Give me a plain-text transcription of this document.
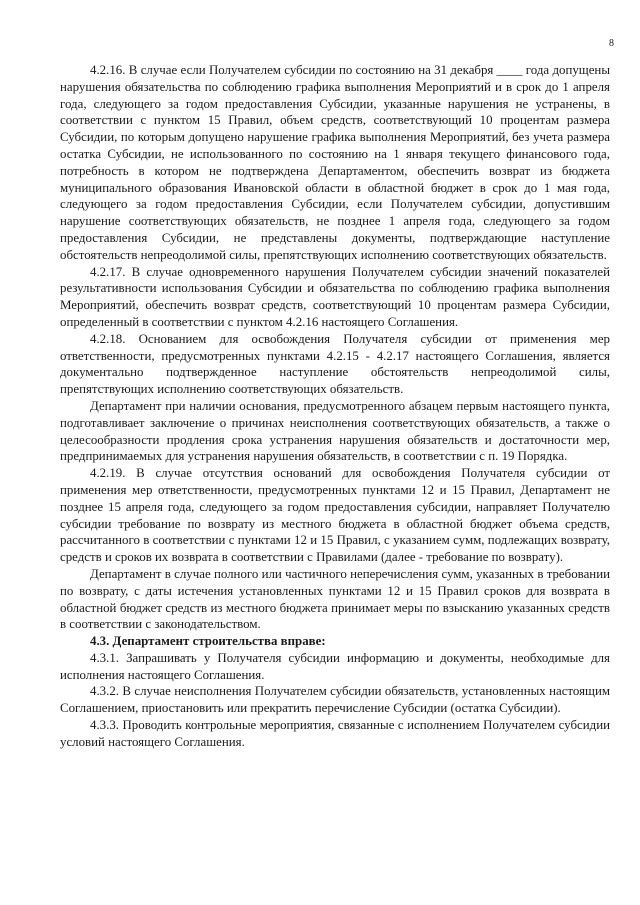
8

4.2.16. В случае если Получателем субсидии по состоянию на 31 декабря ____ года допущены нарушения обязательства по соблюдению графика выполнения Мероприятий и в срок до 1 апреля года, следующего за годом предоставления Субсидии, указанные нарушения не устранены, в соответствии с пунктом 15 Правил, объем средств, соответствующий 10 процентам размера Субсидии, по которым допущено нарушение графика выполнения Мероприятий, без учета размера остатка Субсидии, не использованного по состоянию на 1 января текущего финансового года, потребность в котором не подтверждена Департаментом, обеспечить возврат из бюджета муниципального образования Ивановской области в областной бюджет в срок до 1 мая года, следующего за годом предоставления Субсидии, если Получателем субсидии, допустившим нарушение соответствующих обязательств, не позднее 1 апреля года, следующего за годом предоставления Субсидии, не представлены документы, подтверждающие наступление обстоятельств непреодолимой силы, препятствующих исполнению соответствующих обязательств.

4.2.17. В случае одновременного нарушения Получателем субсидии значений показателей результативности использования Субсидии и обязательства по соблюдению графика выполнения Мероприятий, обеспечить возврат средств, соответствующий 10 процентам размера Субсидии, определенный в соответствии с пунктом 4.2.16 настоящего Соглашения.

4.2.18. Основанием для освобождения Получателя субсидии от применения мер ответственности, предусмотренных пунктами 4.2.15 - 4.2.17 настоящего Соглашения, является документально подтвержденное наступление обстоятельств непреодолимой силы, препятствующих исполнению соответствующих обязательств.

Департамент при наличии основания, предусмотренного абзацем первым настоящего пункта, подготавливает заключение о причинах неисполнения соответствующих обязательств, а также о целесообразности продления срока устранения нарушения обязательств и достаточности мер, предпринимаемых для устранения нарушения обязательств, в соответствии с п. 19 Порядка.

4.2.19. В случае отсутствия оснований для освобождения Получателя субсидии от применения мер ответственности, предусмотренных пунктами 12 и 15 Правил, Департамент не позднее 15 апреля года, следующего за годом предоставления субсидии, направляет Получателю субсидии требование по возврату из местного бюджета в областной бюджет объема средств, рассчитанного в соответствии с пунктами 12 и 15 Правил, с указанием сумм, подлежащих возврату, средств и сроков их возврата в соответствии с Правилами (далее - требование по возврату).

Департамент в случае полного или частичного неперечисления сумм, указанных в требовании по возврату, с даты истечения установленных пунктами 12 и 15 Правил сроков для возврата в областной бюджет средств из местного бюджета принимает меры по взысканию указанных средств в соответствии с законодательством.

4.3. Департамент строительства вправе:

4.3.1. Запрашивать у Получателя субсидии информацию и документы, необходимые для исполнения настоящего Соглашения.

4.3.2. В случае неисполнения Получателем субсидии обязательств, установленных настоящим Соглашением, приостановить или прекратить перечисление Субсидии (остатка Субсидии).

4.3.3. Проводить контрольные мероприятия, связанные с исполнением Получателем субсидии условий настоящего Соглашения.
